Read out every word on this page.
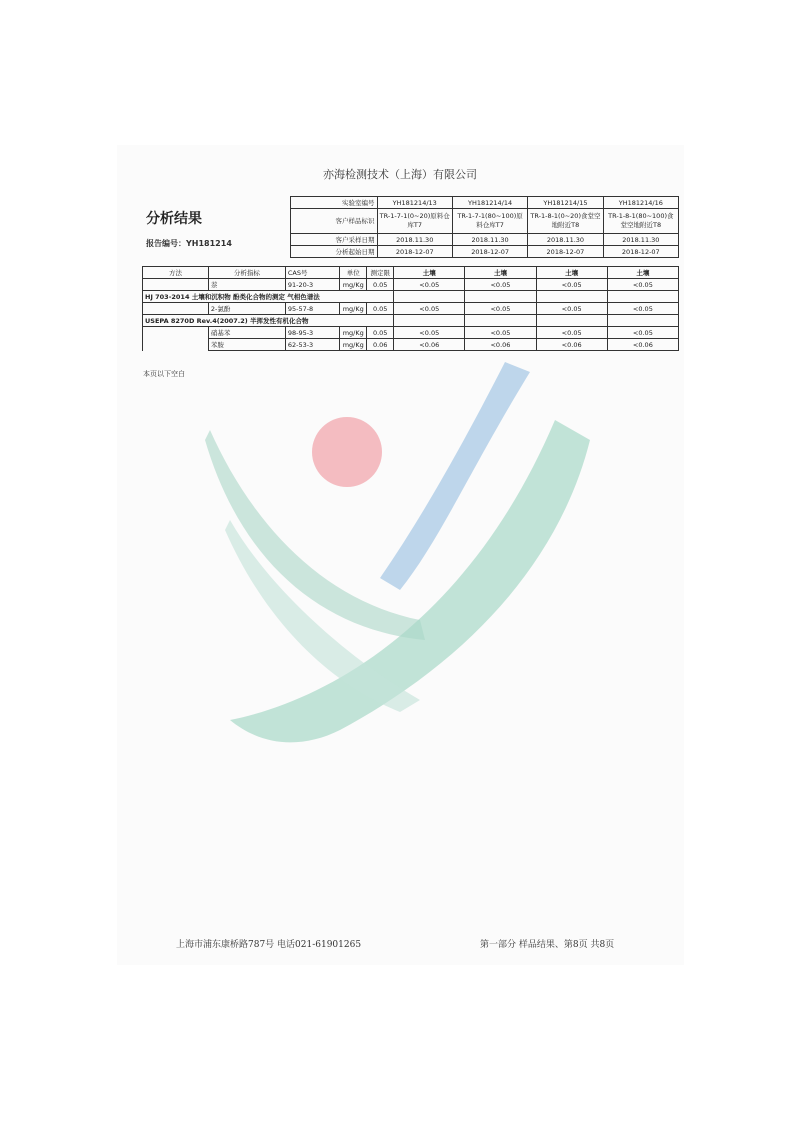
亦海检测技术（上海）有限公司
分析结果
报告编号：YH181214
实验室编号	YH181214/13	YH181214/14	YH181214/15	YH181214/16
客户样品标识	TR-1-7-1(0~20)原料仓库T7	TR-1-7-1(80~100)原料仓库T7	TR-1-8-1(0~20)食堂空地附近T8	TR-1-8-1(80~100)食堂空地附近T8
客户采样日期	2018.11.30	2018.11.30	2018.11.30	2018.11.30
分析起始日期	2018-12-07	2018-12-07	2018-12-07	2018-12-07
方法	分析指标	CAS号	单位	测定限	土壤	土壤	土壤	土壤
	萘	91-20-3	mg/Kg	0.05	<0.05	<0.05	<0.05	<0.05
HJ 703-2014 土壤和沉积物 酚类化合物的测定 气相色谱法								
	2-氯酚	95-57-8	mg/Kg	0.05	<0.05	<0.05	<0.05	<0.05
USEPA 8270D Rev.4(2007.2) 半挥发性有机化合物								
	硝基苯	98-95-3	mg/Kg	0.05	<0.05	<0.05	<0.05	<0.05
	苯胺	62-53-3	mg/Kg	0.06	<0.06	<0.06	<0.06	<0.06
本页以下空白
上海市浦东康桥路787号 电话021-61901265	第一部分 样品结果、第8页 共8页
